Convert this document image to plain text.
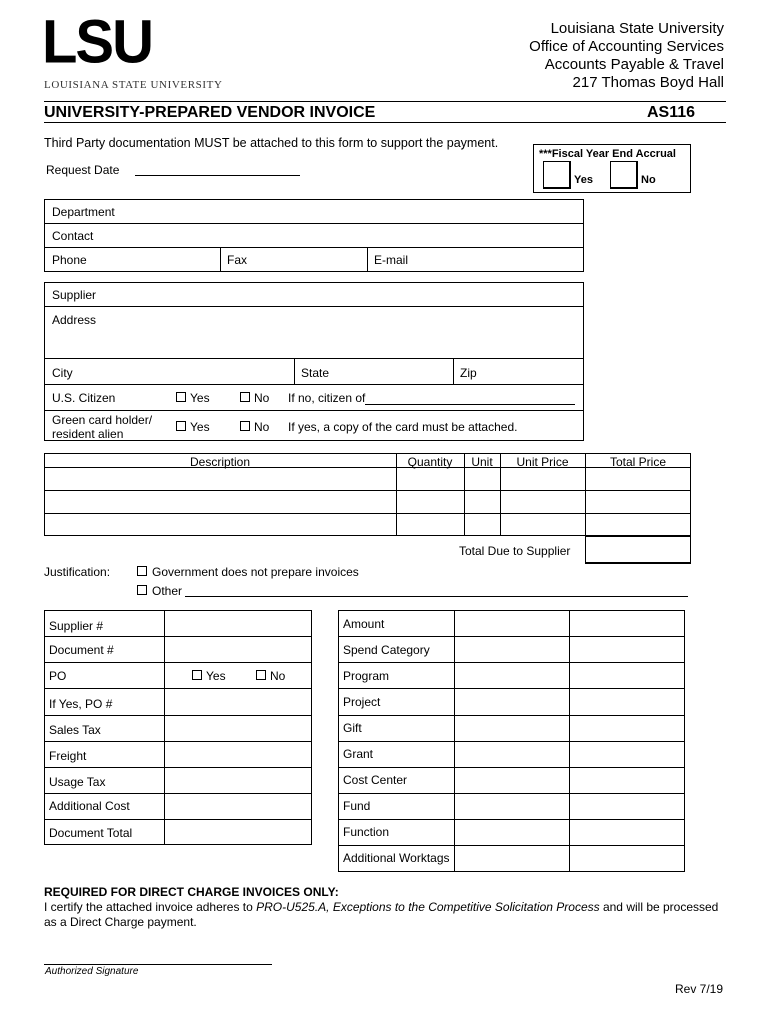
LSU
LOUISIANA STATE UNIVERSITY
Louisiana State University
Office of Accounting Services
Accounts Payable & Travel
217 Thomas Boyd Hall
UNIVERSITY-PREPARED VENDOR INVOICE	AS116
Third Party documentation MUST be attached to this form to support the payment.
Request Date
***Fiscal Year End Accrual
Yes	No
Department
Contact
Phone	Fax	E-mail
Supplier
Address
City	State	Zip
U.S. Citizen	Yes	No If no, citizen of
Green card holder/
resident alien	Yes	No If yes, a copy of the card must be attached.
Description	Quantity	Unit	Unit Price	Total Price
Total Due to Supplier
Justification:	Government does not prepare invoices
Other
Supplier #
Document #
PO	Yes	No
If Yes, PO #
Sales Tax
Freight
Usage Tax
Additional Cost
Document Total
Amount
Spend Category
Program
Project
Gift
Grant
Cost Center
Fund
Function
Additional Worktags
REQUIRED FOR DIRECT CHARGE INVOICES ONLY:
I certify the attached invoice adheres to PRO-U525.A, Exceptions to the Competitive Solicitation Process and will be processed
as a Direct Charge payment.
Authorized Signature
Rev 7/19
